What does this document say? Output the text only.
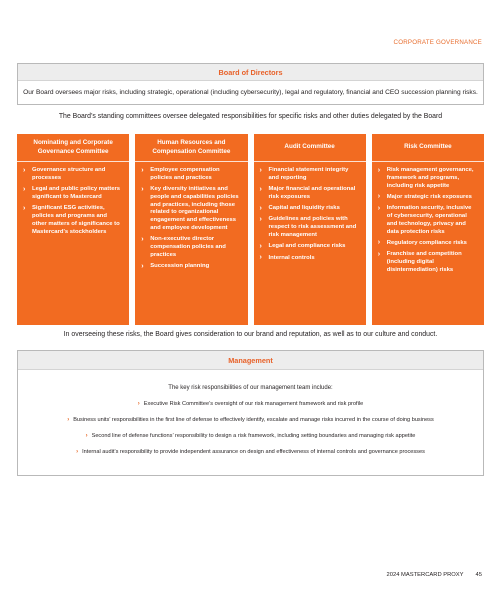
CORPORATE GOVERNANCE
Board of Directors
Our Board oversees major risks, including strategic, operational (including cybersecurity), legal and regulatory, financial and CEO succession planning risks.
The Board’s standing committees oversee delegated responsibilities for specific risks and other duties delegated by the Board
Nominating and Corporate Governance Committee
› Governance structure and processes
› Legal and public policy matters significant to Mastercard
› Significant ESG activities, policies and programs and other matters of significance to Mastercard’s stockholders
Human Resources and Compensation Committee
› Employee compensation policies and practices
› Key diversity initiatives and people and capabilities policies and practices, including those related to organizational engagement and effectiveness and employee development
› Non-executive director compensation policies and practices
› Succession planning
Audit Committee
› Financial statement integrity and reporting
› Major financial and operational risk exposures
› Capital and liquidity risks
› Guidelines and policies with respect to risk assessment and risk management
› Legal and compliance risks
› Internal controls
Risk Committee
› Risk management governance, framework and programs, including risk appetite
› Major strategic risk exposures
› Information security, inclusive of cybersecurity, operational and technology, privacy and data protection risks
› Regulatory compliance risks
› Franchise and competition (including digital disintermediation) risks
In overseeing these risks, the Board gives consideration to our brand and reputation, as well as to our culture and conduct.
Management
The key risk responsibilities of our management team include:
› Executive Risk Committee’s oversight of our risk management framework and risk profile
› Business units’ responsibilities in the first line of defense to effectively identify, escalate and manage risks incurred in the course of doing business
› Second line of defense functions’ responsibility to design a risk framework, including setting boundaries and managing risk appetite
› Internal audit’s responsibility to provide independent assurance on design and effectiveness of internal controls and governance processes
2024 MASTERCARD PROXY 45
